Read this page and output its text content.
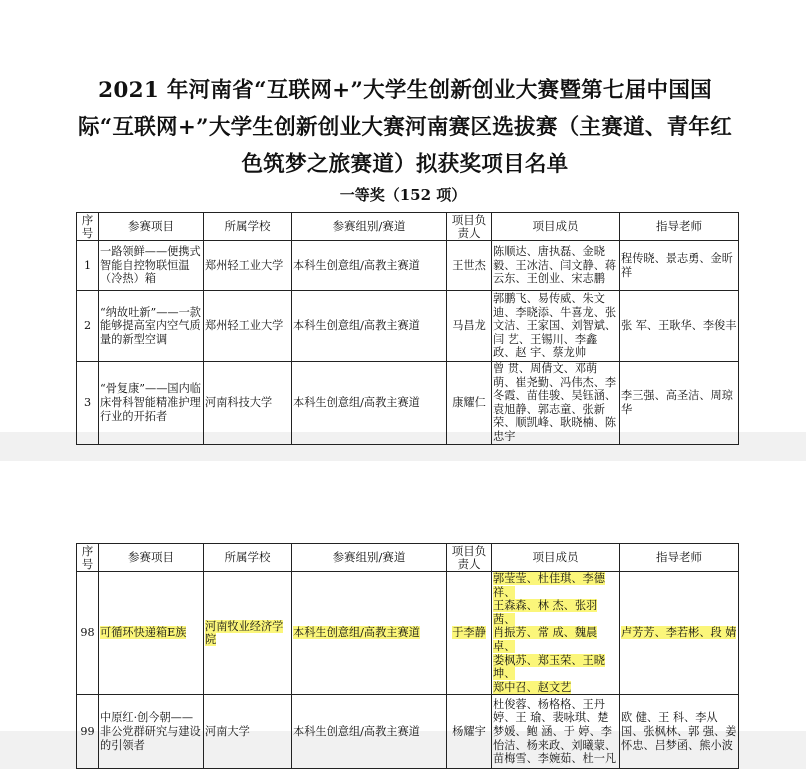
2021 年河南省“互联网+”大学生创新创业大赛暨第七届中国国际“互联网+”大学生创新创业大赛河南赛区选拔赛（主赛道、青年红色筑梦之旅赛道）拟获奖项目名单
一等奖（152 项）
序号	参赛项目	所属学校	参赛组别/赛道	项目负责人	项目成员	指导老师
1	一路领鲜——便携式智能自控物联恒温（冷热）箱	郑州轻工业大学	本科生创意组/高教主赛道	王世杰	陈顺达、唐执磊、金晓毅、王冰洁、闫文静、蒋云东、王创业、宋志鹏	程传晓、景志勇、金昕祥
2	“纳故吐新”——一款能够提高室内空气质量的新型空调	郑州轻工业大学	本科生创意组/高教主赛道	马昌龙	郭鹏飞、易传威、朱文迪、李晓添、牛喜龙、张文洁、王家国、刘智斌、闫 艺、王锡川、李鑫政、赵 宇、蔡龙帅	张 军、王耿华、李俊丰
3	“骨复康”——国内临床骨科智能精准护理行业的开拓者	河南科技大学	本科生创意组/高教主赛道	康耀仁	曾 贯、周倩文、邓萌萌、崔尧勤、冯伟杰、李冬霞、苗佳骏、吴钰涵、袁旭静、郭志童、张新荣、顺凯峰、耿晓楠、陈忠宇	李三强、高圣洁、周琼华
序号	参赛项目	所属学校	参赛组别/赛道	项目负责人	项目成员	指导老师
98	可循环快递箱E族	河南牧业经济学院	本科生创意组/高教主赛道	于李静	郭莹莹、杜佳琪、李德祥、
王森森、林 杰、张羽茜、
肖振芳、常 成、魏晨卓、
娄枫苏、郑玉荣、王晓坤、
郑中召、赵文艺	卢芳芳、李若彬、段 婧
99	中原红·创今朝——非公党群研究与建设的引领者	河南大学	本科生创意组/高教主赛道	杨耀宇	杜俊蓉、杨格格、王丹婷、王 瑜、裴咏琪、楚梦媛、鲍 涵、于 婷、李怡洁、杨来政、刘曦蒙、苗梅雪、李婉茹、杜一凡	欧 健、王 科、李从国、张枫林、郭 强、姜怀忠、吕梦函、熊小波
